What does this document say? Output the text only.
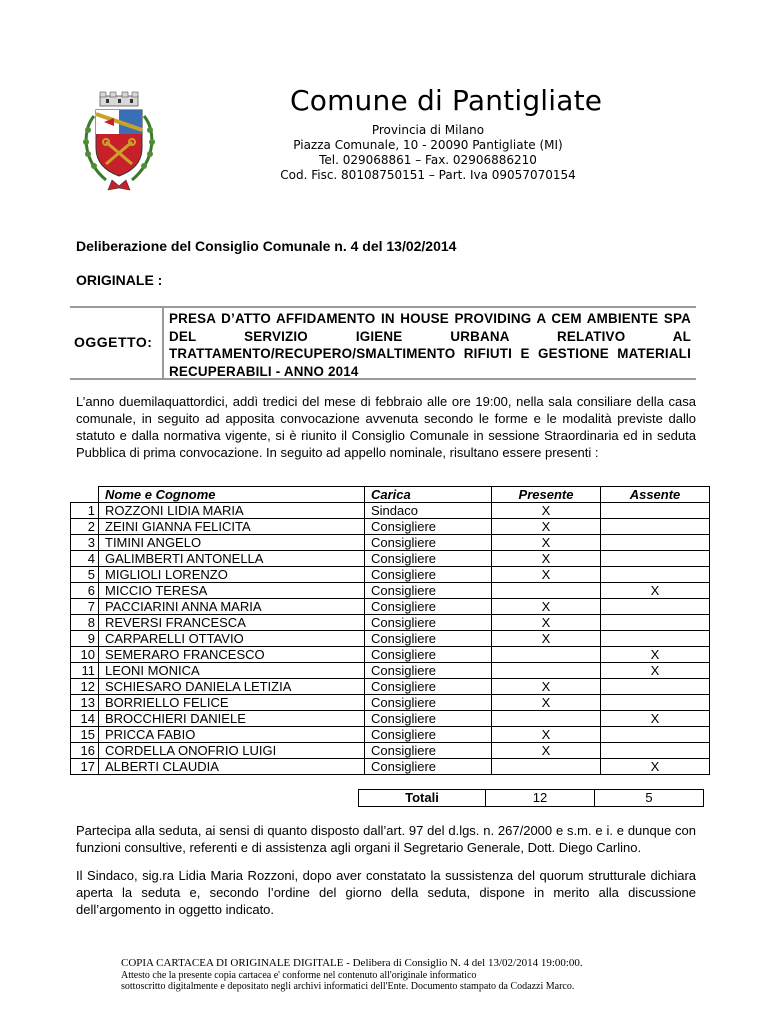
Comune di Pantigliate
Provincia di Milano
Piazza Comunale, 10 - 20090 Pantigliate (MI)
Tel. 029068861 – Fax. 02906886210
Cod. Fisc. 80108750151 – Part. Iva 09057070154
Deliberazione del Consiglio Comunale n. 4 del 13/02/2014
ORIGINALE :
OGGETTO:
PRESA D’ATTO AFFIDAMENTO IN HOUSE PROVIDING A CEM AMBIENTE SPA DEL SERVIZIO IGIENE URBANA RELATIVO AL TRATTAMENTO/RECUPERO/SMALTIMENTO RIFIUTI E GESTIONE MATERIALI RECUPERABILI - ANNO 2014
L’anno duemilaquattordici, addì tredici del mese di febbraio alle ore 19:00, nella sala consiliare della casa comunale, in seguito ad apposita convocazione avvenuta secondo le forme e le modalità previste dallo statuto e dalla normativa vigente, si è riunito il Consiglio Comunale in sessione Straordinaria ed in seduta Pubblica di prima convocazione. In seguito ad appello nominale, risultano essere presenti :
	Nome e Cognome	Carica	Presente	Assente
1	ROZZONI LIDIA MARIA	Sindaco	X	
2	ZEINI GIANNA FELICITA	Consigliere	X	
3	TIMINI ANGELO	Consigliere	X	
4	GALIMBERTI ANTONELLA	Consigliere	X	
5	MIGLIOLI LORENZO	Consigliere	X	
6	MICCIO TERESA	Consigliere		X
7	PACCIARINI ANNA MARIA	Consigliere	X	
8	REVERSI FRANCESCA	Consigliere	X	
9	CARPARELLI OTTAVIO	Consigliere	X	
10	SEMERARO FRANCESCO	Consigliere		X
11	LEONI MONICA	Consigliere		X
12	SCHIESARO DANIELA LETIZIA	Consigliere	X	
13	BORRIELLO FELICE	Consigliere	X	
14	BROCCHIERI DANIELE	Consigliere		X
15	PRICCA FABIO	Consigliere	X	
16	CORDELLA ONOFRIO LUIGI	Consigliere	X	
17	ALBERTI CLAUDIA	Consigliere		X
Totali	12	5
Partecipa alla seduta, ai sensi di quanto disposto dall’art. 97 del d.lgs. n. 267/2000 e s.m. e i. e dunque con funzioni consultive, referenti e di assistenza agli organi il Segretario Generale, Dott. Diego Carlino.
Il Sindaco, sig.ra Lidia Maria Rozzoni, dopo aver constatato la sussistenza del quorum strutturale dichiara aperta la seduta e, secondo l’ordine del giorno della seduta, dispone in merito alla discussione dell’argomento in oggetto indicato.
COPIA CARTACEA DI ORIGINALE DIGITALE - Delibera di Consiglio N. 4 del 13/02/2014 19:00:00.
Attesto che la presente copia cartacea e' conforme nel contenuto all'originale informatico
sottoscritto digitalmente e depositato negli archivi informatici dell'Ente. Documento stampato da Codazzi Marco.
